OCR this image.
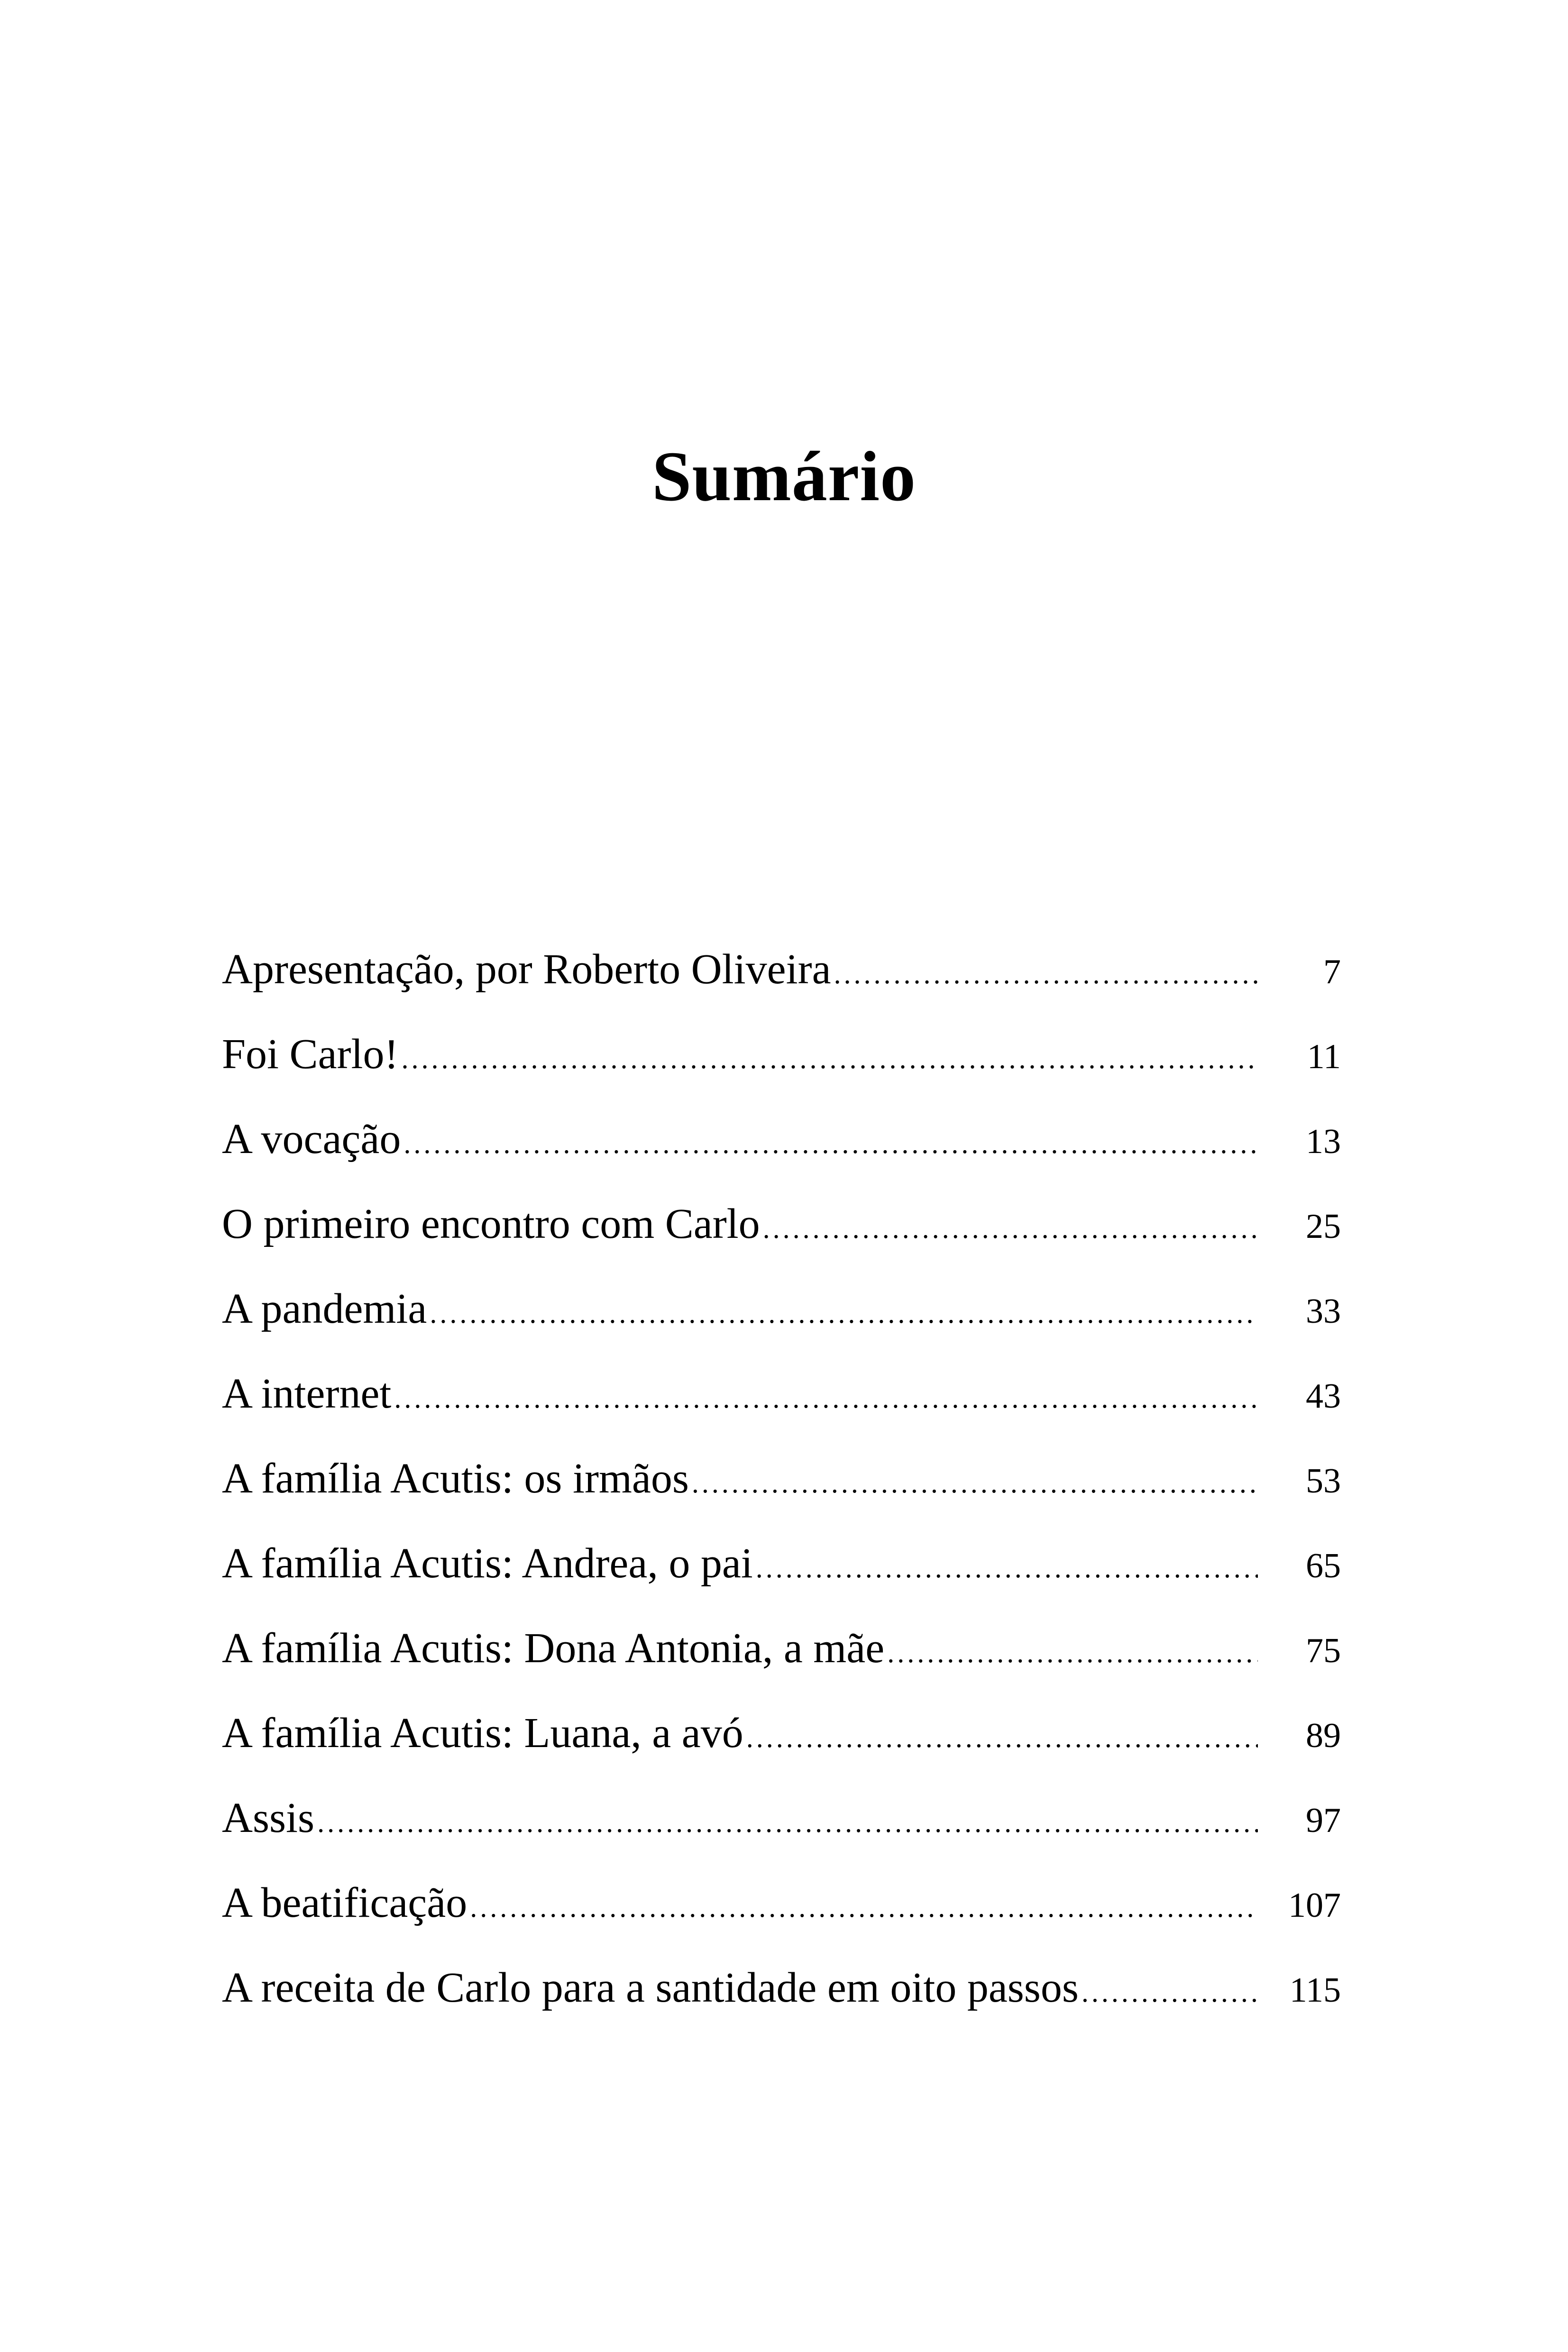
Sumário
Apresentação, por Roberto Oliveira .....	7
Foi Carlo! .....	11
A vocação .....	13
O primeiro encontro com Carlo .....	25
A pandemia .....	33
A internet .....	43
A família Acutis: os irmãos .....	53
A família Acutis: Andrea, o pai .....	65
A família Acutis: Dona Antonia, a mãe .....	75
A família Acutis: Luana, a avó .....	89
Assis .....	97
A beatificação .....	107
A receita de Carlo para a santidade em oito passos .....	115
